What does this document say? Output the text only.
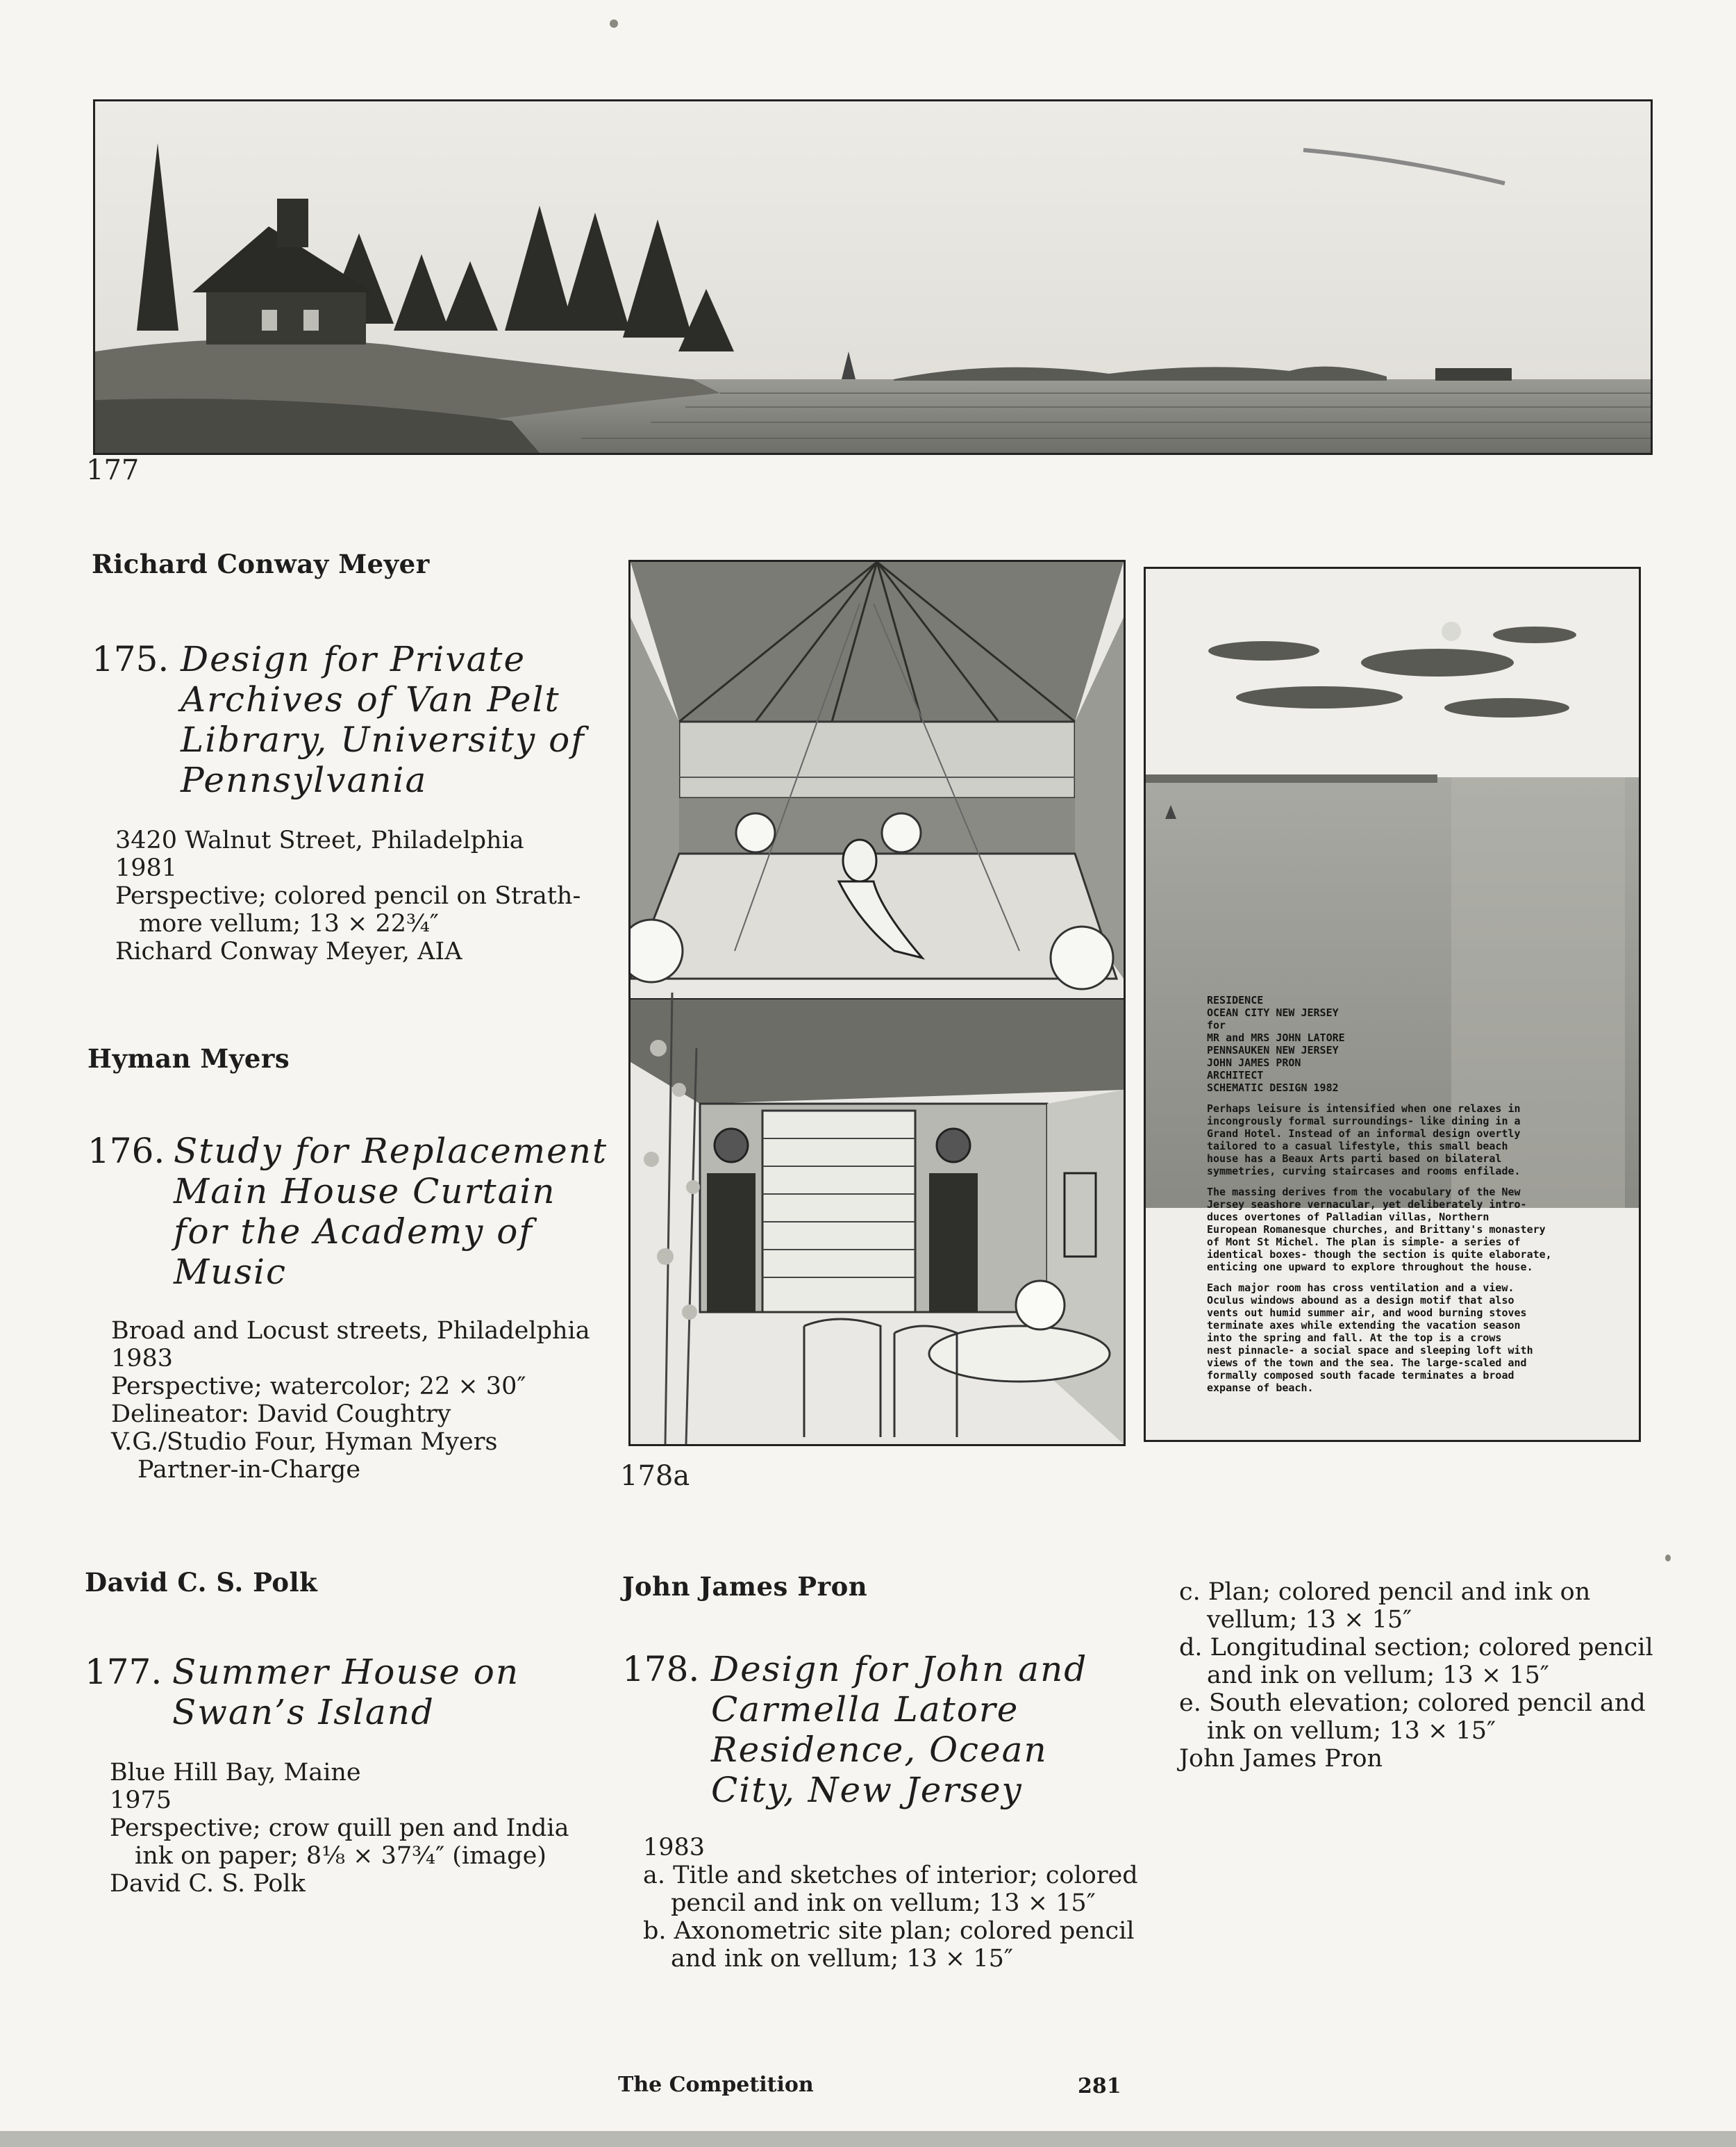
177
RESIDENCE
OCEAN CITY NEW JERSEY
for
MR and MRS JOHN LATORE
PENNSAUKEN NEW JERSEY
JOHN JAMES PRON
ARCHITECT
SCHEMATIC DESIGN 1982
Perhaps leisure is intensified when one relaxes in
incongrously formal surroundings- like dining in a
Grand Hotel. Instead of an informal design overtly
tailored to a casual lifestyle, this small beach
house has a Beaux Arts parti based on bilateral
symmetries, curving staircases and rooms enfilade.
The massing derives from the vocabulary of the New
Jersey seashore vernacular, yet deliberately intro-
duces overtones of Palladian villas, Northern
European Romanesque churches, and Brittany's monastery
of Mont St Michel. The plan is simple- a series of
identical boxes- though the section is quite elaborate,
enticing one upward to explore throughout the house.
Each major room has cross ventilation and a view.
Oculus windows abound as a design motif that also
vents out humid summer air, and wood burning stoves
terminate axes while extending the vacation season
into the spring and fall. At the top is a crows
nest pinnacle- a social space and sleeping loft with
views of the town and the sea. The large-scaled and
formally composed south facade terminates a broad
expanse of beach.
178a
Richard Conway Meyer
175. Design for Private
Archives of Van Pelt
Library, University of
Pennsylvania
3420 Walnut Street, Philadelphia
1981
Perspective; colored pencil on Strath-
more vellum; 13 × 22¾″
Richard Conway Meyer, AIA
Hyman Myers
176. Study for Replacement
Main House Curtain
for the Academy of
Music
Broad and Locust streets, Philadelphia
1983
Perspective; watercolor; 22 × 30″
Delineator: David Coughtry
V.G./Studio Four, Hyman Myers
Partner-in-Charge
David C. S. Polk
177. Summer House on
Swan’s Island
Blue Hill Bay, Maine
1975
Perspective; crow quill pen and India
ink on paper; 8⅛ × 37¾″ (image)
David C. S. Polk
John James Pron
178. Design for John and
Carmella Latore
Residence, Ocean
City, New Jersey
1983
a. Title and sketches of interior; colored
pencil and ink on vellum; 13 × 15″
b. Axonometric site plan; colored pencil
and ink on vellum; 13 × 15″
c. Plan; colored pencil and ink on
vellum; 13 × 15″
d. Longitudinal section; colored pencil
and ink on vellum; 13 × 15″
e. South elevation; colored pencil and
ink on vellum; 13 × 15″
John James Pron
The Competition	281
